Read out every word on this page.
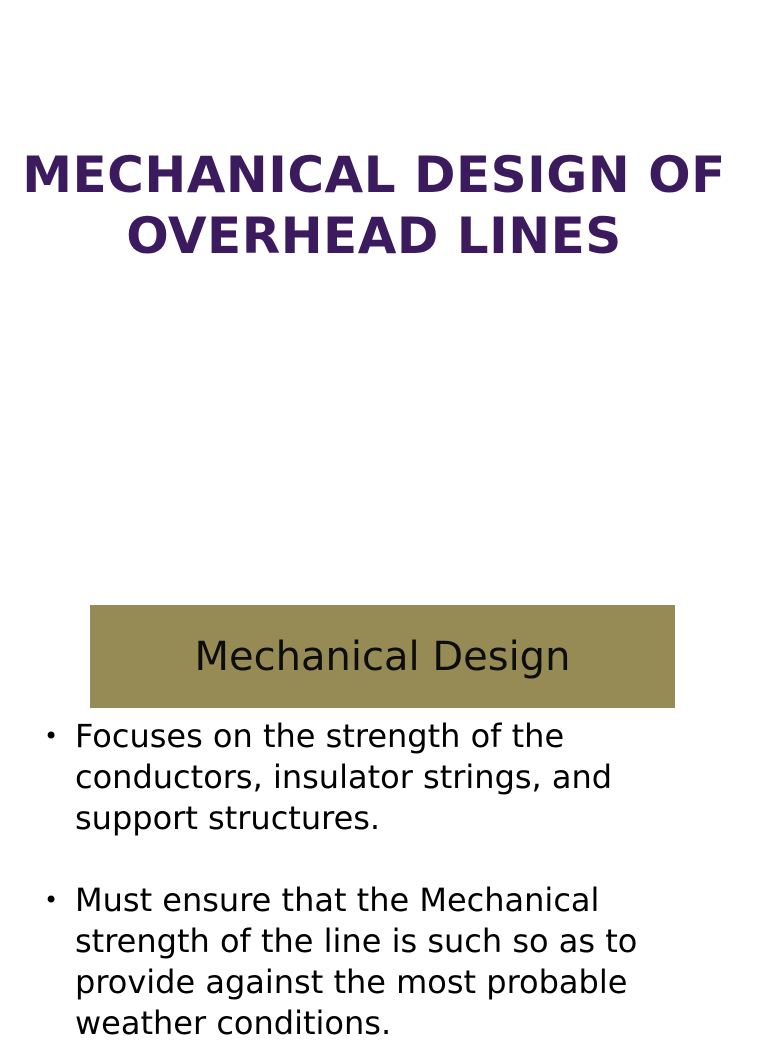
MECHANICAL DESIGN OF
OVERHEAD LINES
Mechanical Design
• Focuses on the strength of the conductors, insulator strings, and support structures.
• Must ensure that the Mechanical strength of the line is such so as to provide against the most probable weather conditions.
